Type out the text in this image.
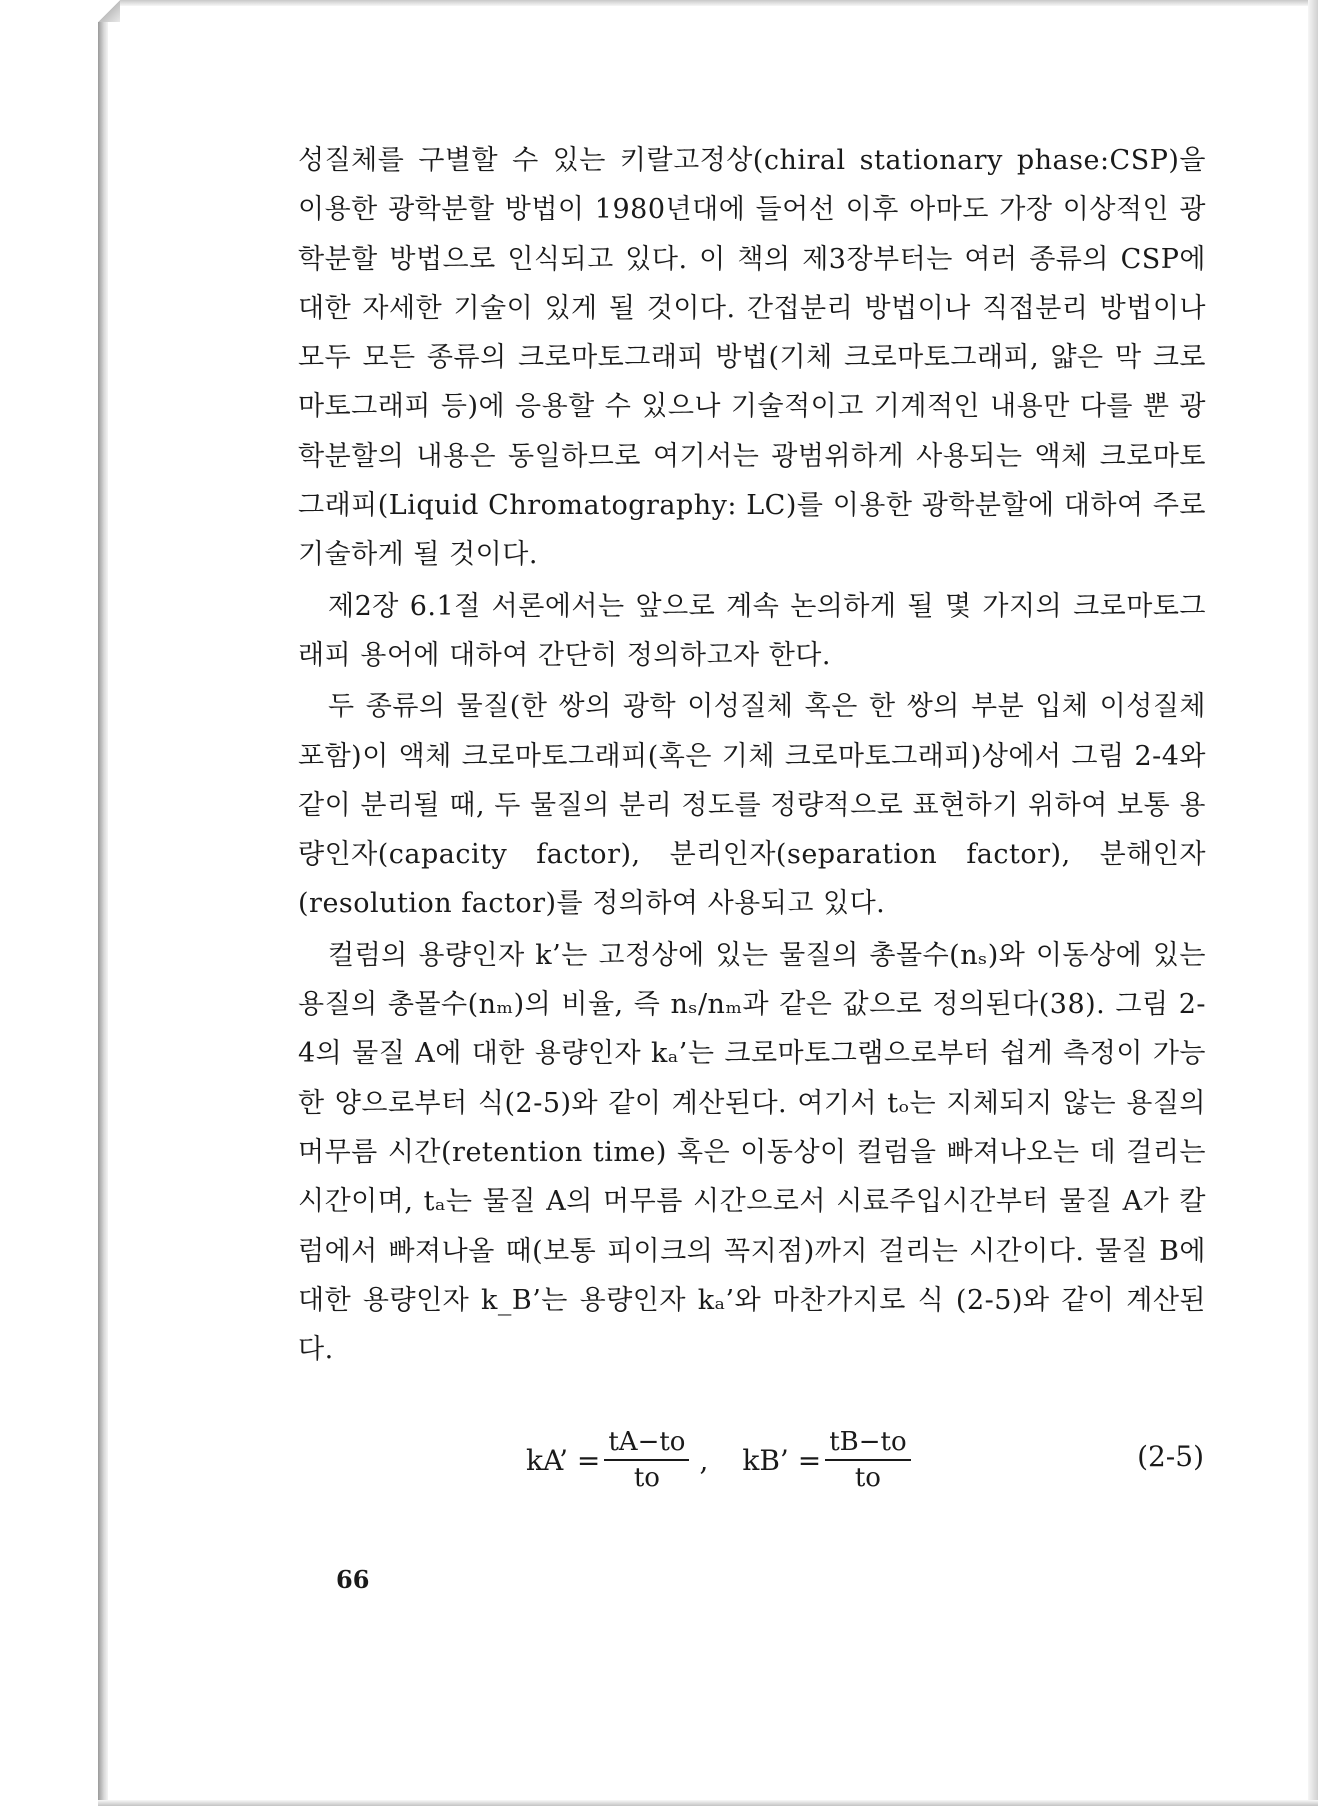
성질체를 구별할 수 있는 키랄고정상(chiral stationary phase:CSP)을 이용한 광학분할 방법이 1980년대에 들어선 이후 아마도 가장 이상적인 광학분할 방법으로 인식되고 있다. 이 책의 제3장부터는 여러 종류의 CSP에 대한 자세한 기술이 있게 될 것이다. 간접분리 방법이나 직접분리 방법이나 모두 모든 종류의 크로마토그래피 방법(기체 크로마토그래피, 얇은 막 크로마토그래피 등)에 응용할 수 있으나 기술적이고 기계적인 내용만 다를 뿐 광학분할의 내용은 동일하므로 여기서는 광범위하게 사용되는 액체 크로마토그래피(Liquid Chromatography: LC)를 이용한 광학분할에 대하여 주로 기술하게 될 것이다.

제2장 6.1절 서론에서는 앞으로 계속 논의하게 될 몇 가지의 크로마토그래피 용어에 대하여 간단히 정의하고자 한다.

두 종류의 물질(한 쌍의 광학 이성질체 혹은 한 쌍의 부분 입체 이성질체 포함)이 액체 크로마토그래피(혹은 기체 크로마토그래피)상에서 그림 2-4와 같이 분리될 때, 두 물질의 분리 정도를 정량적으로 표현하기 위하여 보통 용량인자(capacity factor), 분리인자(separation factor), 분해인자(resolution factor)를 정의하여 사용되고 있다.

컬럼의 용량인자 k’는 고정상에 있는 물질의 총몰수(nₛ)와 이동상에 있는 용질의 총몰수(nₘ)의 비율, 즉 nₛ/nₘ과 같은 값으로 정의된다(38). 그림 2-4의 물질 A에 대한 용량인자 kₐ’는 크로마토그램으로부터 쉽게 측정이 가능한 양으로부터 식(2-5)와 같이 계산된다. 여기서 tₒ는 지체되지 않는 용질의 머무름 시간(retention time) 혹은 이동상이 컬럼을 빠져나오는 데 걸리는 시간이며, tₐ는 물질 A의 머무름 시간으로서 시료주입시간부터 물질 A가 칼럼에서 빠져나올 때(보통 피이크의 꼭지점)까지 걸리는 시간이다. 물질 B에 대한 용량인자 k_B’는 용량인자 kₐ’와 마찬가지로 식 (2-5)와 같이 계산된다.

kA’ = $\frac{tA-to}{to}$ , kB’ = $\frac{tB-to}{to}$	(2-5)
66
